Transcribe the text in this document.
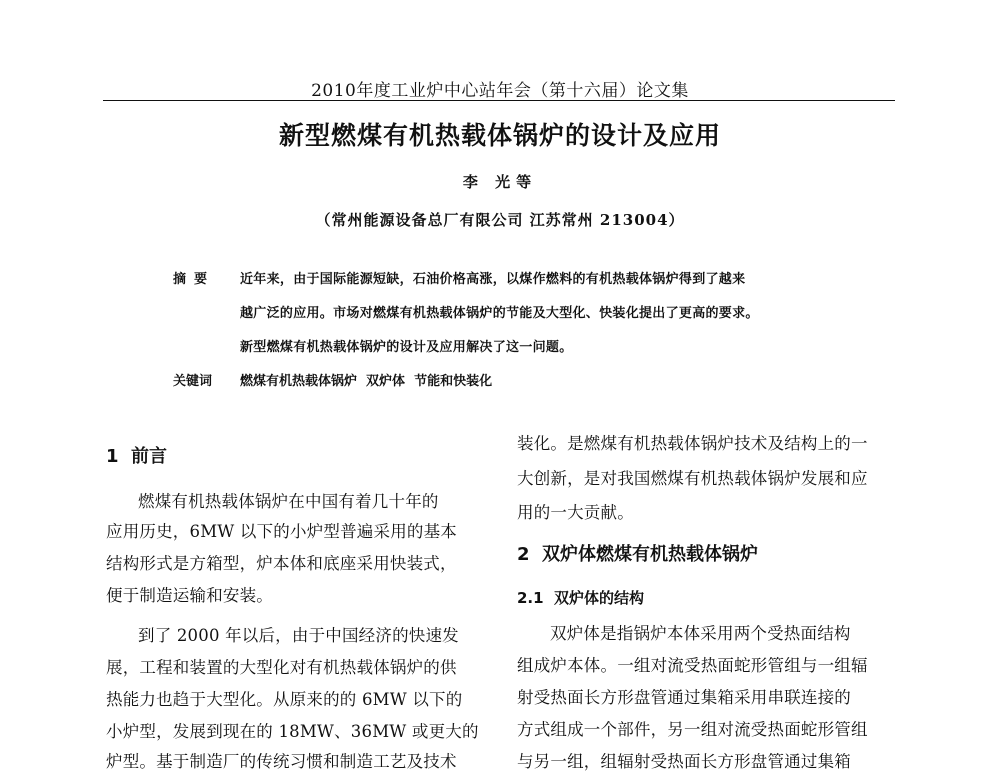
2010年度工业炉中心站年会（第十六届）论文集
新型燃煤有机热载体锅炉的设计及应用
李 光等
（常州能源设备总厂有限公司 江苏常州 213004）
摘要 近年来，由于国际能源短缺，石油价格高涨，以煤作燃料的有机热载体锅炉得到了越来
越广泛的应用。市场对燃煤有机热载体锅炉的节能及大型化、快装化提出了更高的要求。
新型燃煤有机热载体锅炉的设计及应用解决了这一问题。
关键词 燃煤有机热载体锅炉  双炉体  节能和快装化
1  前言
燃煤有机热载体锅炉在中国有着几十年的
应用历史，6MW 以下的小炉型普遍采用的基本
结构形式是方箱型，炉本体和底座采用快装式，
便于制造运输和安装。
到了 2000 年以后，由于中国经济的快速发
展，工程和装置的大型化对有机热载体锅炉的供
热能力也趋于大型化。从原来的的 6MW 以下的
小炉型，发展到现在的 18MW、36MW 或更大的
炉型。基于制造厂的传统习惯和制造工艺及技术
装化。是燃煤有机热载体锅炉技术及结构上的一
大创新，是对我国燃煤有机热载体锅炉发展和应
用的一大贡献。
2  双炉体燃煤有机热载体锅炉
2.1  双炉体的结构
双炉体是指锅炉本体采用两个受热面结构
组成炉本体。一组对流受热面蛇形管组与一组辐
射受热面长方形盘管通过集箱采用串联连接的
方式组成一个部件，另一组对流受热面蛇形管组
与另一组，组辐射受热面长方形盘管通过集箱
